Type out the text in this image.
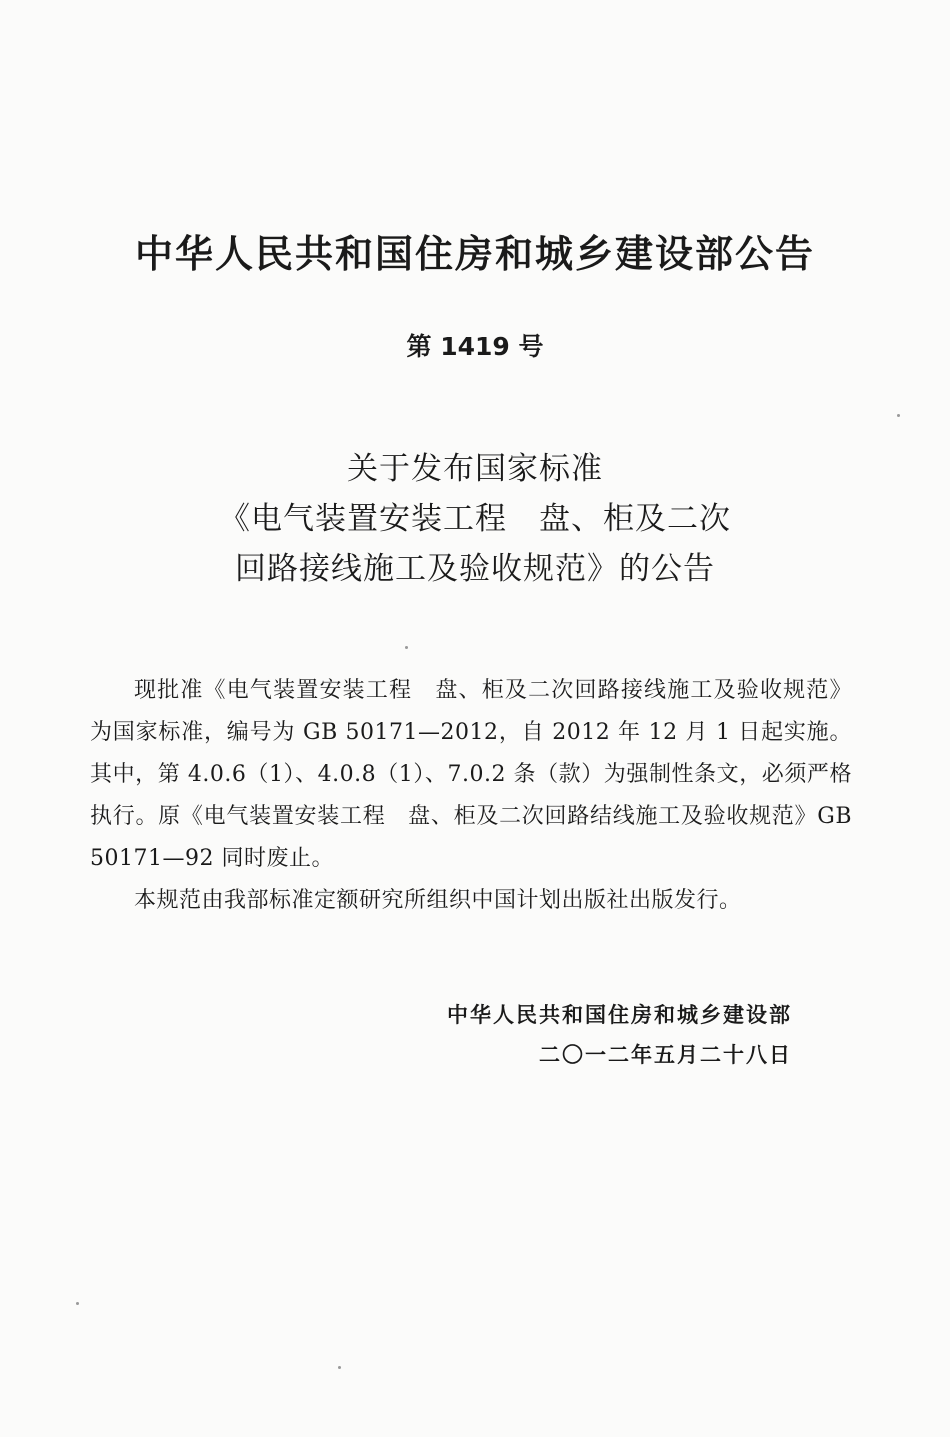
中华人民共和国住房和城乡建设部公告
第 1419 号
关于发布国家标准
《电气装置安装工程　盘、柜及二次
回路接线施工及验收规范》的公告

现批准《电气装置安装工程　盘、柜及二次回路接线施工及验收规范》为国家标准，编号为 GB 50171—2012，自 2012 年 12 月 1 日起实施。其中，第 4.0.6（1）、4.0.8（1）、7.0.2 条（款）为强制性条文，必须严格执行。原《电气装置安装工程　盘、柜及二次回路结线施工及验收规范》GB 50171—92 同时废止。

本规范由我部标准定额研究所组织中国计划出版社出版发行。

中华人民共和国住房和城乡建设部
二〇一二年五月二十八日
